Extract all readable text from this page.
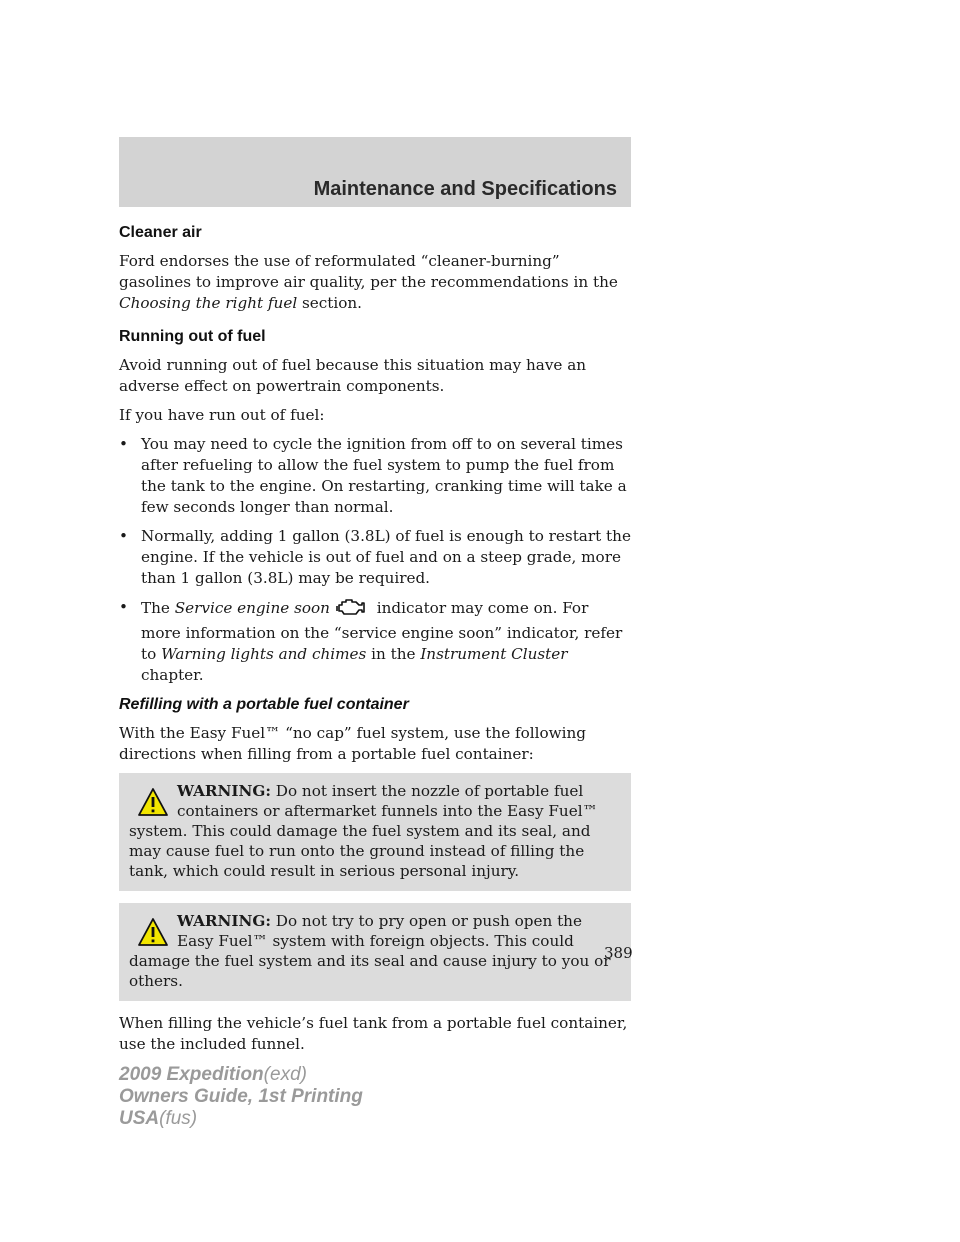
Maintenance and Specifications
Cleaner air

Ford endorses the use of reformulated “cleaner-burning” gasolines to improve air quality, per the recommendations in the Choosing the right fuel section.

Running out of fuel

Avoid running out of fuel because this situation may have an adverse effect on powertrain components.

If you have run out of fuel:

• You may need to cycle the ignition from off to on several times after refueling to allow the fuel system to pump the fuel from the tank to the engine. On restarting, cranking time will take a few seconds longer than normal.
• Normally, adding 1 gallon (3.8L) of fuel is enough to restart the engine. If the vehicle is out of fuel and on a steep grade, more than 1 gallon (3.8L) may be required.
• The Service engine soon	indicator may come on. For more information on the “service engine soon” indicator, refer to Warning lights and chimes in the Instrument Cluster chapter.
Refilling with a portable fuel container

With the Easy Fuel™ “no cap” fuel system, use the following directions when filling from a portable fuel container:

WARNING: Do not insert the nozzle of portable fuel containers or aftermarket funnels into the Easy Fuel™ system. This could damage the fuel system and its seal, and may cause fuel to run onto the ground instead of filling the tank, which could result in serious personal injury.
WARNING: Do not try to pry open or push open the Easy Fuel™ system with foreign objects. This could damage the fuel system and its seal and cause injury to you or others.

When filling the vehicle’s fuel tank from a portable fuel container, use the included funnel.

389
2009 Expedition(exd)
Owners Guide, 1st Printing
USA(fus)
